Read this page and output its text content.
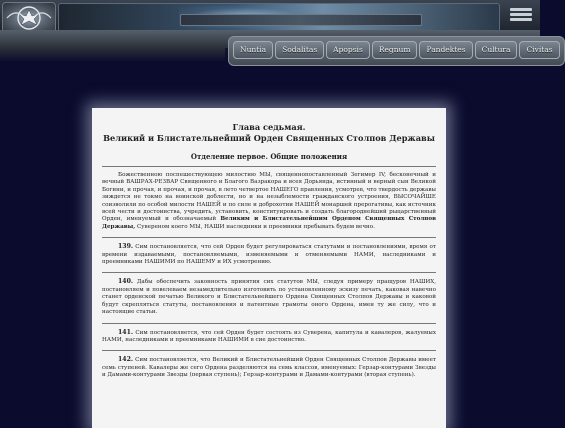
Nuntia	Sodalitas	Apopsis	Regnum	Pandektes	Cultura	Civitas
Глава седьмая.
Великий и Блистательнейший Орден Священных Столпов Державы
Отделение первое. Общие положения

Божественною поспешествующею милостию МЫ, священнопоставленный Зегимер IV, бесконечный и вечный ВАШРАХ-РЕЗВАР Священного и Благого Вазракора и всея Дорьянда, истинный и верный сын Великой Богини, и прочая, и прочая, и прочая, в лето четвертое НАШЕГО правления, усмотрев, что твердость державы зиждется не токмо на воинской доблести, но и на незыблемости гражданского устроения, ВЫСОЧАЙШЕ соизволили по особой милости НАШЕЙ и по силе и доброхотии НАШЕЙ монаршей прерогативы, как источник всей чести и достоинства, учредить, установить, конституировать и создать благороднейший рыцарственный Орден, именуемый и обозначаемый Великим и Блистательнейшим Орденом Священных Столпов Державы, Сувереном коего МЫ, НАШИ наследники и преемники пребывать будем вечно.

139. Сим постановляется, что сей Орден будет регулироваться статутами и постановлениями, время от времени издаваемыми, постановляемыми, изменяемыми и отменяемыми НАМИ, наследниками и преемниками НАШИМИ по НАШЕМУ и ИХ усмотрению.

140. Дабы обеспечить законность принятия сих статутов МЫ, следуя примеру пращуров НАШИХ, постановляем и повелеваем незамедлительно изготовить по установленному эскизу печать, каковая навечно станет орденской печатью Великого и Блистательнейшего Ордена Священных Столпов Державы и каковой будут скрепляться статуты, постановления и патентные грамоты оного Ордена, имен ту же силу, что и настоящие статьи.

141. Сим постановляется, что сей Орден будет состоять из Суверена, капитула и кавалеров, жалуемых НАМИ, наследниками и преемниками НАШИМИ в сие достоинство.

142. Сим постановляется, что Великий и Блистательнейший Орден Священных Столпов Державы имеет семь ступеней. Кавалеры же сего Ордена разделяются на семь классов, именуемых: Герзар-контурами Звезды и Дамами-контурами Звезды (первая ступень); Герзар-контурами и Дамами-контурами (вторая ступень).
